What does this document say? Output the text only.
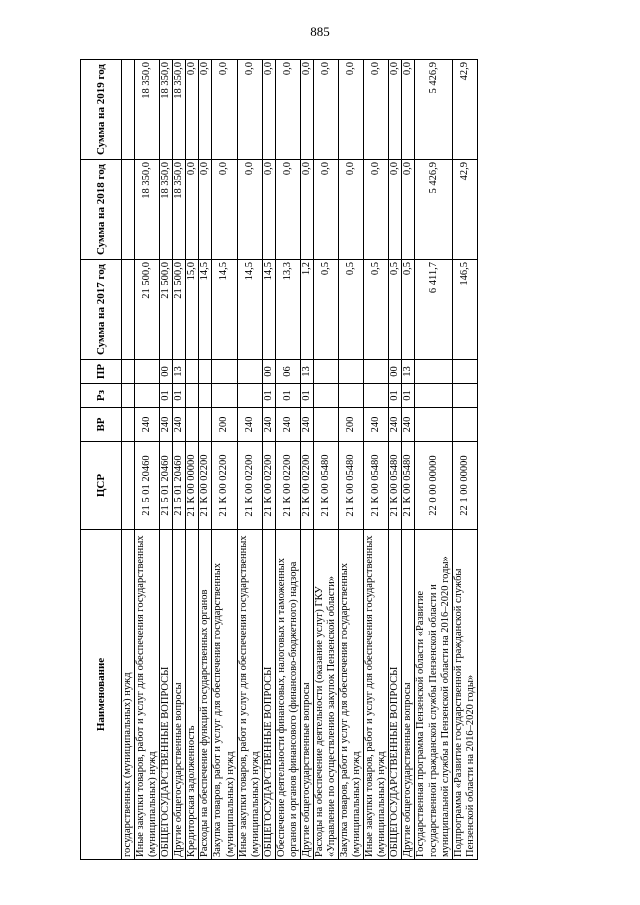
885
Наименование	ЦСР	ВР	Рз	ПР	Сумма на 2017 год	Сумма на 2018 год	Сумма на 2019 год
государственных (муниципальных) нужд							
Иные закупки товаров, работ и услуг для обеспечения государственных (муниципальных) нужд	21 5 01 20460	240			21 500,0	18 350,0	18 350,0
ОБЩЕГОСУДАРСТВЕННЫЕ ВОПРОСЫ	21 5 01 20460	240	01	00	21 500,0	18 350,0	18 350,0
Другие общегосударственные вопросы	21 5 01 20460	240	01	13	21 500,0	18 350,0	18 350,0
Кредиторская задолженность	21 К 00 00000				15,0	0,0	0,0
Расходы на обеспечение функций государственных органов	21 К 00 02200				14,5	0,0	0,0
Закупка товаров, работ и услуг для обеспечения государственных (муниципальных) нужд	21 К 00 02200	200			14,5	0,0	0,0
Иные закупки товаров, работ и услуг для обеспечения государственных (муниципальных) нужд	21 К 00 02200	240			14,5	0,0	0,0
ОБЩЕГОСУДАРСТВЕННЫЕ ВОПРОСЫ	21 К 00 02200	240	01	00	14,5	0,0	0,0
Обеспечение деятельности финансовых, налоговых и таможенных органов и органов финансового (финансово-бюджетного) надзора	21 К 00 02200	240	01	06	13,3	0,0	0,0
Другие общегосударственные вопросы	21 К 00 02200	240	01	13	1,2	0,0	0,0
Расходы на обеспечение деятельности (оказание услуг) ГКУ «Управление по осуществлению закупок Пензенской области»	21 К 00 05480				0,5	0,0	0,0
Закупка товаров, работ и услуг для обеспечения государственных (муниципальных) нужд	21 К 00 05480	200			0,5	0,0	0,0
Иные закупки товаров, работ и услуг для обеспечения государственных (муниципальных) нужд	21 К 00 05480	240			0,5	0,0	0,0
ОБЩЕГОСУДАРСТВЕННЫЕ ВОПРОСЫ	21 К 00 05480	240	01	00	0,5	0,0	0,0
Другие общегосударственные вопросы	21 К 00 05480	240	01	13	0,5	0,0	0,0
Государственная программа Пензенской области «Развитие государственной гражданской службы Пензенской области и муниципальной службы в Пензенской области на 2016–2020 годы»	22 0 00 00000				6 411,7	5 426,9	5 426,9
Подпрограмма «Развитие государственной гражданской службы Пензенской области на 2016–2020 годы»	22 1 00 00000				146,5	42,9	42,9
